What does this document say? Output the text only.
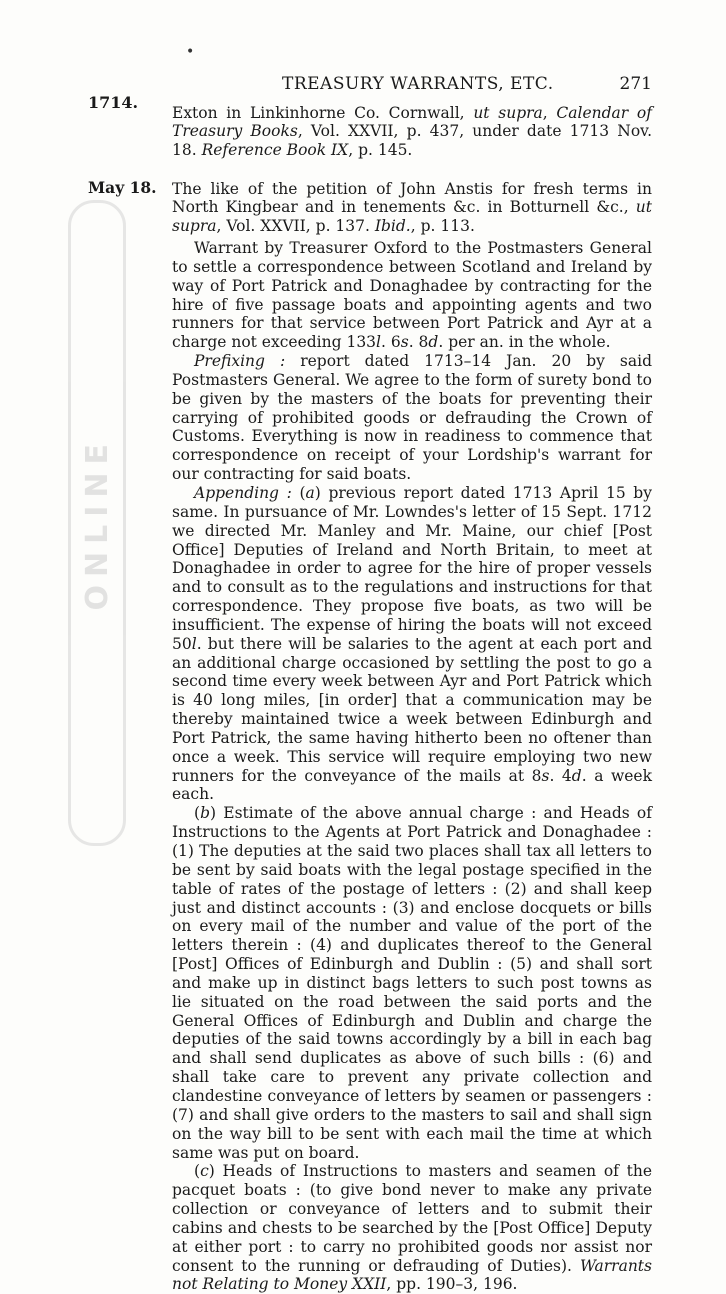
ONLINE
•
TREASURY WARRANTS, ETC.	271
1714.
Exton in Linkinhorne Co. Cornwall, ut supra, Calendar of Treasury Books, Vol. XXVII, p. 437, under date 1713 Nov. 18. Reference Book IX, p. 145.
May 18. The like of the petition of John Anstis for fresh terms in North Kingbear and in tenements &c. in Botturnell &c., ut supra, Vol. XXVII, p. 137. Ibid., p. 113.

Warrant by Treasurer Oxford to the Postmasters General to settle a correspondence between Scotland and Ireland by way of Port Patrick and Donaghadee by contracting for the hire of five passage boats and appointing agents and two runners for that service between Port Patrick and Ayr at a charge not exceeding 133l. 6s. 8d. per an. in the whole.

Prefixing : report dated 1713–14 Jan. 20 by said Postmasters General. We agree to the form of surety bond to be given by the masters of the boats for preventing their carrying of prohibited goods or defrauding the Crown of Customs. Everything is now in readiness to commence that correspondence on receipt of your Lordship's warrant for our contracting for said boats.

Appending : (a) previous report dated 1713 April 15 by same. In pursuance of Mr. Lowndes's letter of 15 Sept. 1712 we directed Mr. Manley and Mr. Maine, our chief [Post Office] Deputies of Ireland and North Britain, to meet at Donaghadee in order to agree for the hire of proper vessels and to consult as to the regulations and instructions for that correspondence. They propose five boats, as two will be insufficient. The expense of hiring the boats will not exceed 50l. but there will be salaries to the agent at each port and an additional charge occasioned by settling the post to go a second time every week between Ayr and Port Patrick which is 40 long miles, [in order] that a communication may be thereby maintained twice a week between Edinburgh and Port Patrick, the same having hitherto been no oftener than once a week. This service will require employing two new runners for the conveyance of the mails at 8s. 4d. a week each.

(b) Estimate of the above annual charge : and Heads of Instructions to the Agents at Port Patrick and Donaghadee : (1) The deputies at the said two places shall tax all letters to be sent by said boats with the legal postage specified in the table of rates of the postage of letters : (2) and shall keep just and distinct accounts : (3) and enclose docquets or bills on every mail of the number and value of the port of the letters therein : (4) and duplicates thereof to the General [Post] Offices of Edinburgh and Dublin : (5) and shall sort and make up in distinct bags letters to such post towns as lie situated on the road between the said ports and the General Offices of Edinburgh and Dublin and charge the deputies of the said towns accordingly by a bill in each bag and shall send duplicates as above of such bills : (6) and shall take care to prevent any private collection and clandestine conveyance of letters by seamen or passengers : (7) and shall give orders to the masters to sail and shall sign on the way bill to be sent with each mail the time at which same was put on board.

(c) Heads of Instructions to masters and seamen of the pacquet boats : (to give bond never to make any private collection or conveyance of letters and to submit their cabins and chests to be searched by the [Post Office] Deputy at either port : to carry no prohibited goods nor assist nor consent to the running or defrauding of Duties). Warrants not Relating to Money XXII, pp. 190–3, 196.
